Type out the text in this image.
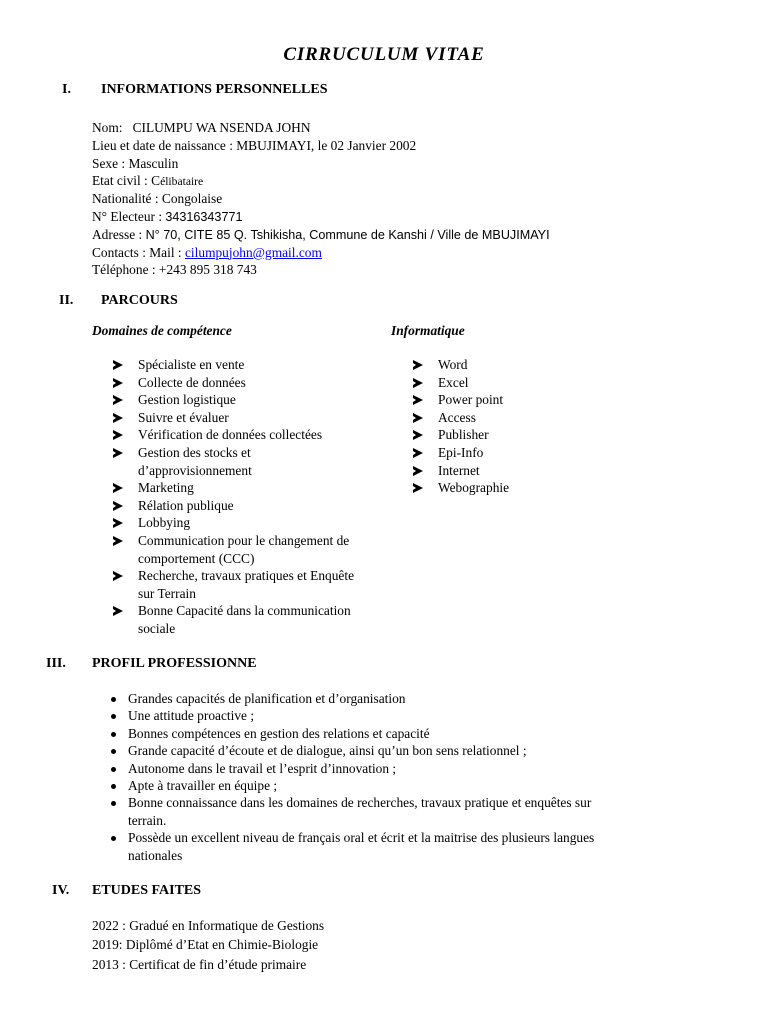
CIRRUCULUM VITAE
I. INFORMATIONS PERSONNELLES
Nom: CILUMPU WA NSENDA JOHN
Lieu et date de naissance : MBUJIMAYI, le 02 Janvier 2002
Sexe : Masculin
Etat civil : Célibataire
Nationalité : Congolaise
N° Electeur : 34316343771
Adresse : N° 70, CITE 85 Q. Tshikisha, Commune de Kanshi / Ville de MBUJIMAYI
Contacts : Mail : cilumpujohn@gmail.com
Téléphone : +243 895 318 743
II. PARCOURS
Domaines de compétence	Informatique
Spécialiste en vente
Collecte de données
Gestion logistique
Suivre et évaluer
Vérification de données collectées
Gestion des stocks et
d’approvisionnement
Marketing
Rélation publique
Lobbying
Communication pour le changement de
comportement (CCC)
Recherche, travaux pratiques et Enquête
sur Terrain
Bonne Capacité dans la communication
sociale
Word
Excel
Power point
Access
Publisher
Epi-Info
Internet
Webographie
III. PROFIL PROFESSIONNE
Grandes capacités de planification et d’organisation
Une attitude proactive ;
Bonnes compétences en gestion des relations et capacité
Grande capacité d’écoute et de dialogue, ainsi qu’un bon sens relationnel ;
Autonome dans le travail et l’esprit d’innovation ;
Apte à travailler en équipe ;
Bonne connaissance dans les domaines de recherches, travaux pratique et enquêtes sur
terrain.
Possède un excellent niveau de français oral et écrit et la maitrise des plusieurs langues
nationales
IV. ETUDES FAITES
2022 : Gradué en Informatique de Gestions
2019: Diplômé d’Etat en Chimie-Biologie
2013 : Certificat de fin d’étude primaire
